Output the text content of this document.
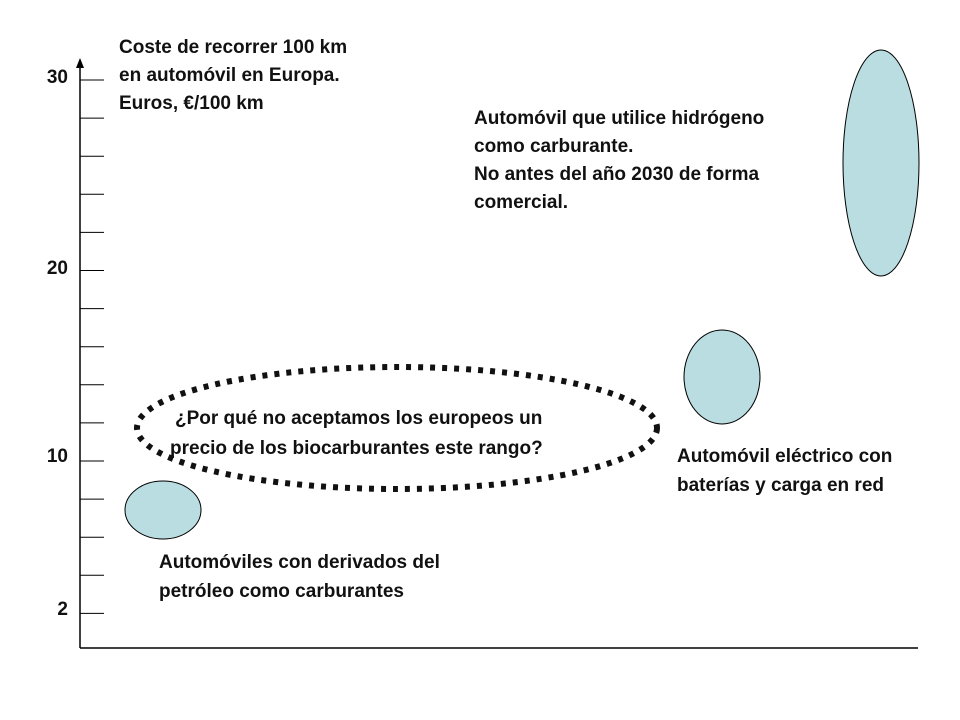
30
20
10
2
Coste de recorrer 100 km
en automóvil en Europa.
Euros, €/100 km
Automóvil que utilice hidrógeno
como carburante.
No antes del año 2030 de forma
comercial.
¿Por qué no aceptamos los europeos un
precio de los biocarburantes este rango?	Automóvil eléctrico con
baterías y carga en red
Automóviles con derivados del
petróleo como carburantes
